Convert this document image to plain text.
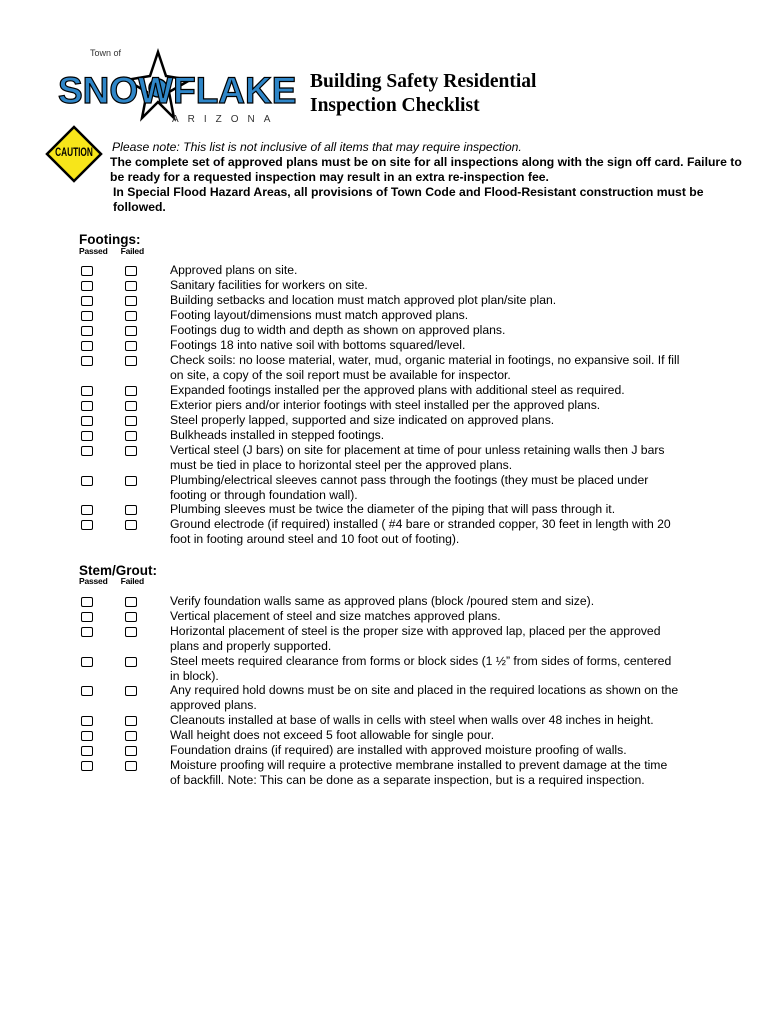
Town of
SNOWFLAKE
ARIZONA
Building Safety Residential
Inspection Checklist
CAUTION Please note: This list is not inclusive of all items that may require inspection.
The complete set of approved plans must be on site for all inspections along with the sign off card. Failure to be ready for a requested inspection may result in an extra re-inspection fee.
In Special Flood Hazard Areas, all provisions of Town Code and Flood-Resistant construction must be followed.
Footings:
Passed Failed
Approved plans on site.
Sanitary facilities for workers on site.
Building setbacks and location must match approved plot plan/site plan.
Footing layout/dimensions must match approved plans.
Footings dug to width and depth as shown on approved plans.
Footings 18 into native soil with bottoms squared/level.
Check soils: no loose material, water, mud, organic material in footings, no expansive soil. If fill on site, a copy of the soil report must be available for inspector.
Expanded footings installed per the approved plans with additional steel as required.
Exterior piers and/or interior footings with steel installed per the approved plans.
Steel properly lapped, supported and size indicated on approved plans.
Bulkheads installed in stepped footings.
Vertical steel (J bars) on site for placement at time of pour unless retaining walls then J bars must be tied in place to horizontal steel per the approved plans.
Plumbing/electrical sleeves cannot pass through the footings (they must be placed under footing or through foundation wall).
Plumbing sleeves must be twice the diameter of the piping that will pass through it.
Ground electrode (if required) installed ( #4 bare or stranded copper, 30 feet in length with 20 foot in footing around steel and 10 foot out of footing).
Stem/Grout:
Passed Failed
Verify foundation walls same as approved plans (block /poured stem and size).
Vertical placement of steel and size matches approved plans.
Horizontal placement of steel is the proper size with approved lap, placed per the approved plans and properly supported.
Steel meets required clearance from forms or block sides (1 ½” from sides of forms, centered in block).
Any required hold downs must be on site and placed in the required locations as shown on the approved plans.
Cleanouts installed at base of walls in cells with steel when walls over 48 inches in height.
Wall height does not exceed 5 foot allowable for single pour.
Foundation drains (if required) are installed with approved moisture proofing of walls.
Moisture proofing will require a protective membrane installed to prevent damage at the time of backfill. Note: This can be done as a separate inspection, but is a required inspection.
